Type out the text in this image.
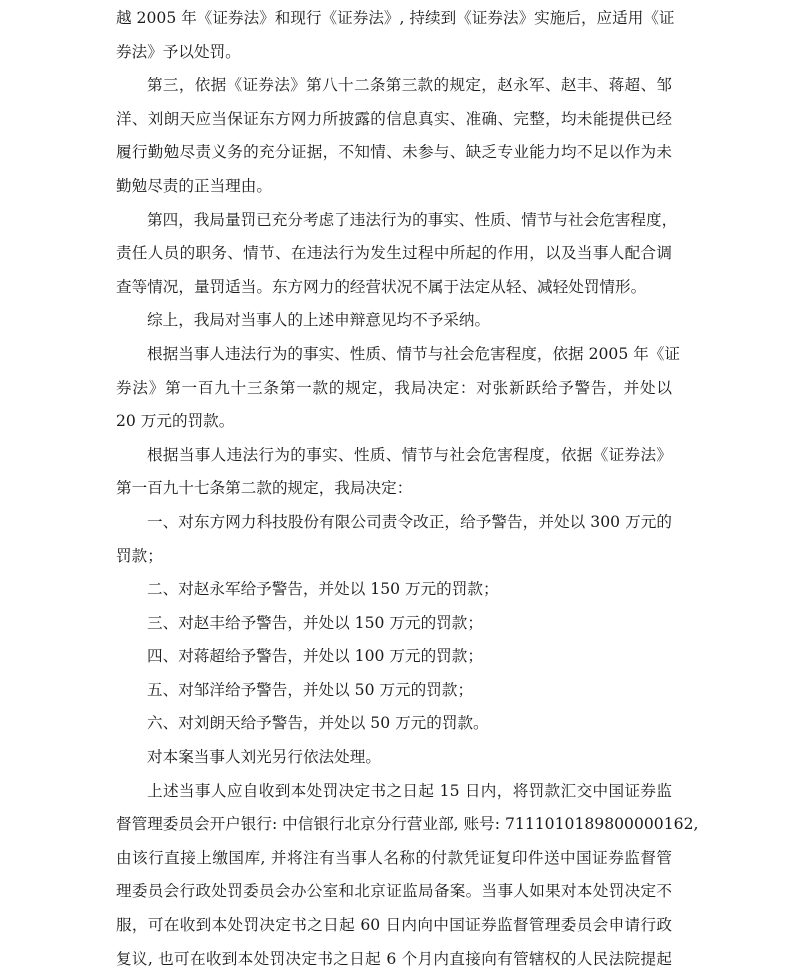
越 2005 年《证券法》和现行《证券法》, 持续到《证券法》实施后，应适用《证
券法》予以处罚。
第三，依据《证券法》第八十二条第三款的规定，赵永军、赵丰、蒋超、邹
洋、刘朗天应当保证东方网力所披露的信息真实、准确、完整，均未能提供已经
履行勤勉尽责义务的充分证据，不知情、未参与、缺乏专业能力均不足以作为未
勤勉尽责的正当理由。
第四，我局量罚已充分考虑了违法行为的事实、性质、情节与社会危害程度，
责任人员的职务、情节、在违法行为发生过程中所起的作用，以及当事人配合调
查等情况，量罚适当。东方网力的经营状况不属于法定从轻、减轻处罚情形。
综上，我局对当事人的上述申辩意见均不予采纳。
根据当事人违法行为的事实、性质、情节与社会危害程度，依据 2005 年《证
券法》第一百九十三条第一款的规定，我局决定：对张新跃给予警告，并处以
20 万元的罚款。
根据当事人违法行为的事实、性质、情节与社会危害程度，依据《证券法》
第一百九十七条第二款的规定，我局决定：
一、对东方网力科技股份有限公司责令改正，给予警告，并处以 300 万元的
罚款；
二、对赵永军给予警告，并处以 150 万元的罚款；
三、对赵丰给予警告，并处以 150 万元的罚款；
四、对蒋超给予警告，并处以 100 万元的罚款；
五、对邹洋给予警告，并处以 50 万元的罚款；
六、对刘朗天给予警告，并处以 50 万元的罚款。
对本案当事人刘光另行依法处理。
上述当事人应自收到本处罚决定书之日起 15 日内，将罚款汇交中国证券监
督管理委员会开户银行: 中信银行北京分行营业部, 账号: 7111010189800000162,
由该行直接上缴国库, 并将注有当事人名称的付款凭证复印件送中国证券监督管
理委员会行政处罚委员会办公室和北京证监局备案。当事人如果对本处罚决定不
服，可在收到本处罚决定书之日起 60 日内向中国证券监督管理委员会申请行政
复议, 也可在收到本处罚决定书之日起 6 个月内直接向有管辖权的人民法院提起
